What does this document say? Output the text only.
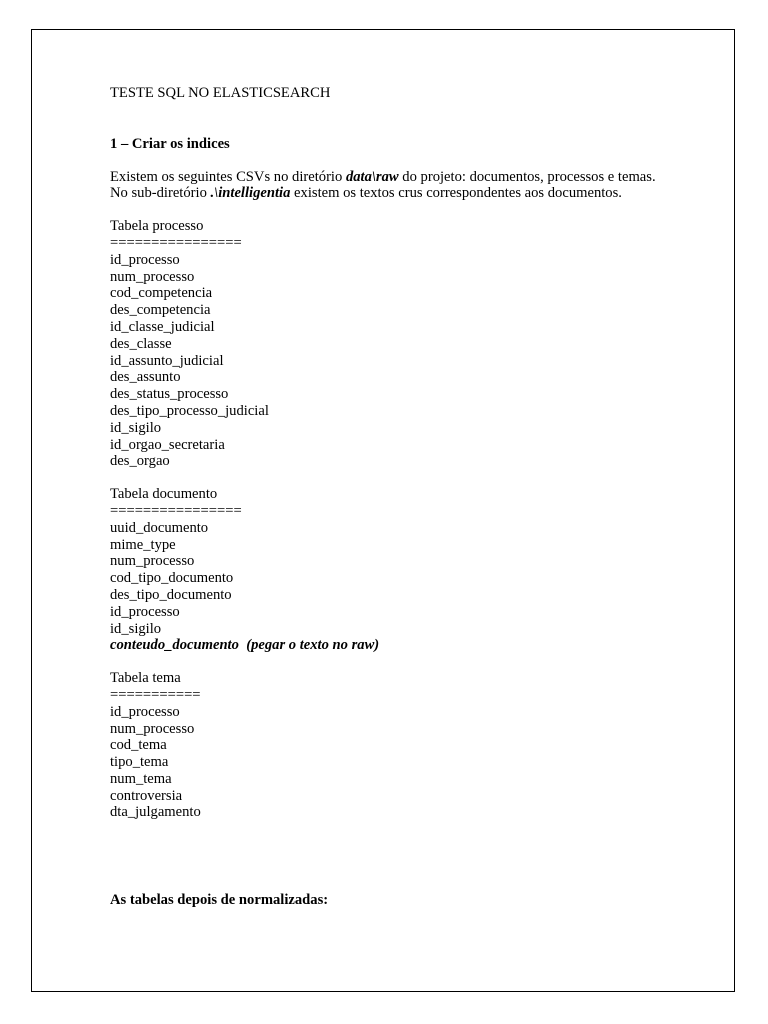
TESTE SQL NO ELASTICSEARCH
1 – Criar os indices
Existem os seguintes CSVs no diretório data\raw do projeto: documentos, processos e temas. No sub-diretório .\intelligentia existem os textos crus correspondentes aos documentos.
Tabela processo
================
id_processo
num_processo
cod_competencia
des_competencia
id_classe_judicial
des_classe
id_assunto_judicial
des_assunto
des_status_processo
des_tipo_processo_judicial
id_sigilo
id_orgao_secretaria
des_orgao
Tabela documento
================
uuid_documento
mime_type
num_processo
cod_tipo_documento
des_tipo_documento
id_processo
id_sigilo
conteudo_documento  (pegar o texto no raw)
Tabela tema
===========
id_processo
num_processo
cod_tema
tipo_tema
num_tema
controversia
dta_julgamento
As tabelas depois de normalizadas:
